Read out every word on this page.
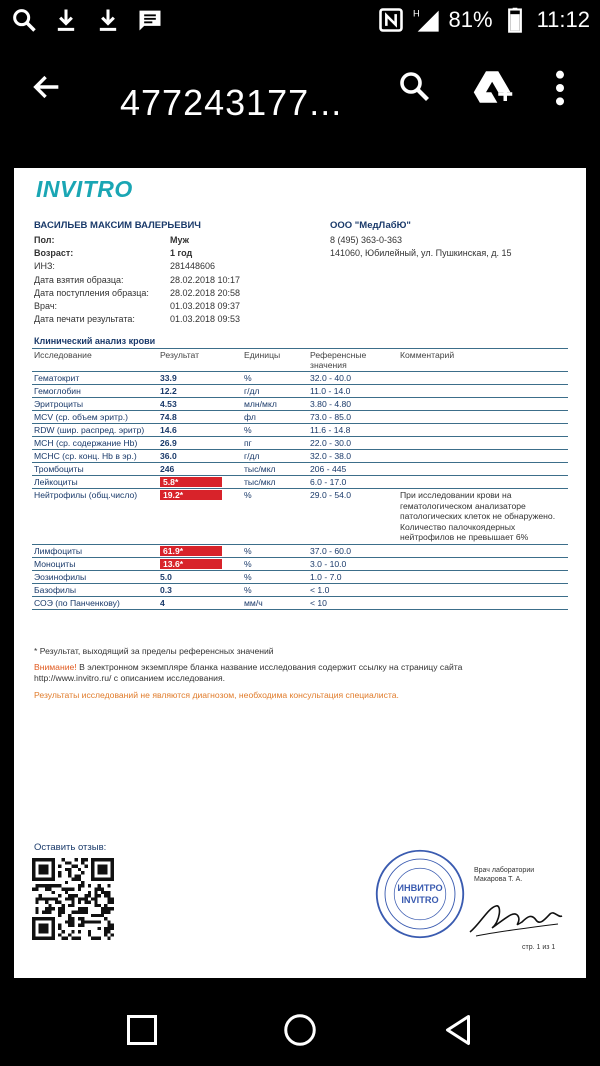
H 81% 11:12
477243177...
INVITRO
ВАСИЛЬЕВ МАКСИМ ВАЛЕРЬЕВИЧ
Пол:	Муж
Возраст:	1 год
ИНЗ:	281448606
Дата взятия образца:	28.02.2018 10:17
Дата поступления образца:	28.02.2018 20:58
Врач:	01.03.2018 09:37
Дата печати результата:	01.03.2018 09:53
ООО "МедЛабЮ"
8 (495) 363-0-363
141060, Юбилейный, ул. Пушкинская, д. 15
Клинический анализ крови
Исследование	Результат	Единицы	Референсные значения	Комментарий
Гематокрит	33.9	%	32.0 - 40.0	
Гемоглобин	12.2	г/дл	11.0 - 14.0	
Эритроциты	4.53	млн/мкл	3.80 - 4.80	
MCV (ср. объем эритр.)	74.8	фл	73.0 - 85.0	
RDW (шир. распред. эритр)	14.6	%	11.6 - 14.8	
MCH (ср. содержание Hb)	26.9	пг	22.0 - 30.0	
МСНС (ср. конц. Hb в эр.)	36.0	г/дл	32.0 - 38.0	
Тромбоциты	246	тыс/мкл	206 - 445	
Лейкоциты	5.8*	тыс/мкл	6.0 - 17.0	
Нейтрофилы (общ.число)	19.2*	%	29.0 - 54.0	При исследовании крови на гематологическом анализаторе патологических клеток не обнаружено. Количество палочкоядерных нейтрофилов не превышает 6%
Лимфоциты	61.9*	%	37.0 - 60.0	
Моноциты	13.6*	%	3.0 - 10.0	
Эозинофилы	5.0	%	1.0 - 7.0	
Базофилы	0.3	%	< 1.0	
СОЭ (по Панченкову)	4	мм/ч	< 10	
* Результат, выходящий за пределы референсных значений
Внимание! В электронном экземпляре бланка название исследования содержит ссылку на страницу сайта
http://www.invitro.ru/ с описанием исследования.
Результаты исследований не являются диагнозом, необходима консультация специалиста.
Оставить отзыв:
ИНВИТРО
INVITRO
Врач лаборатории
Макарова Т. А.
стр. 1 из 1
